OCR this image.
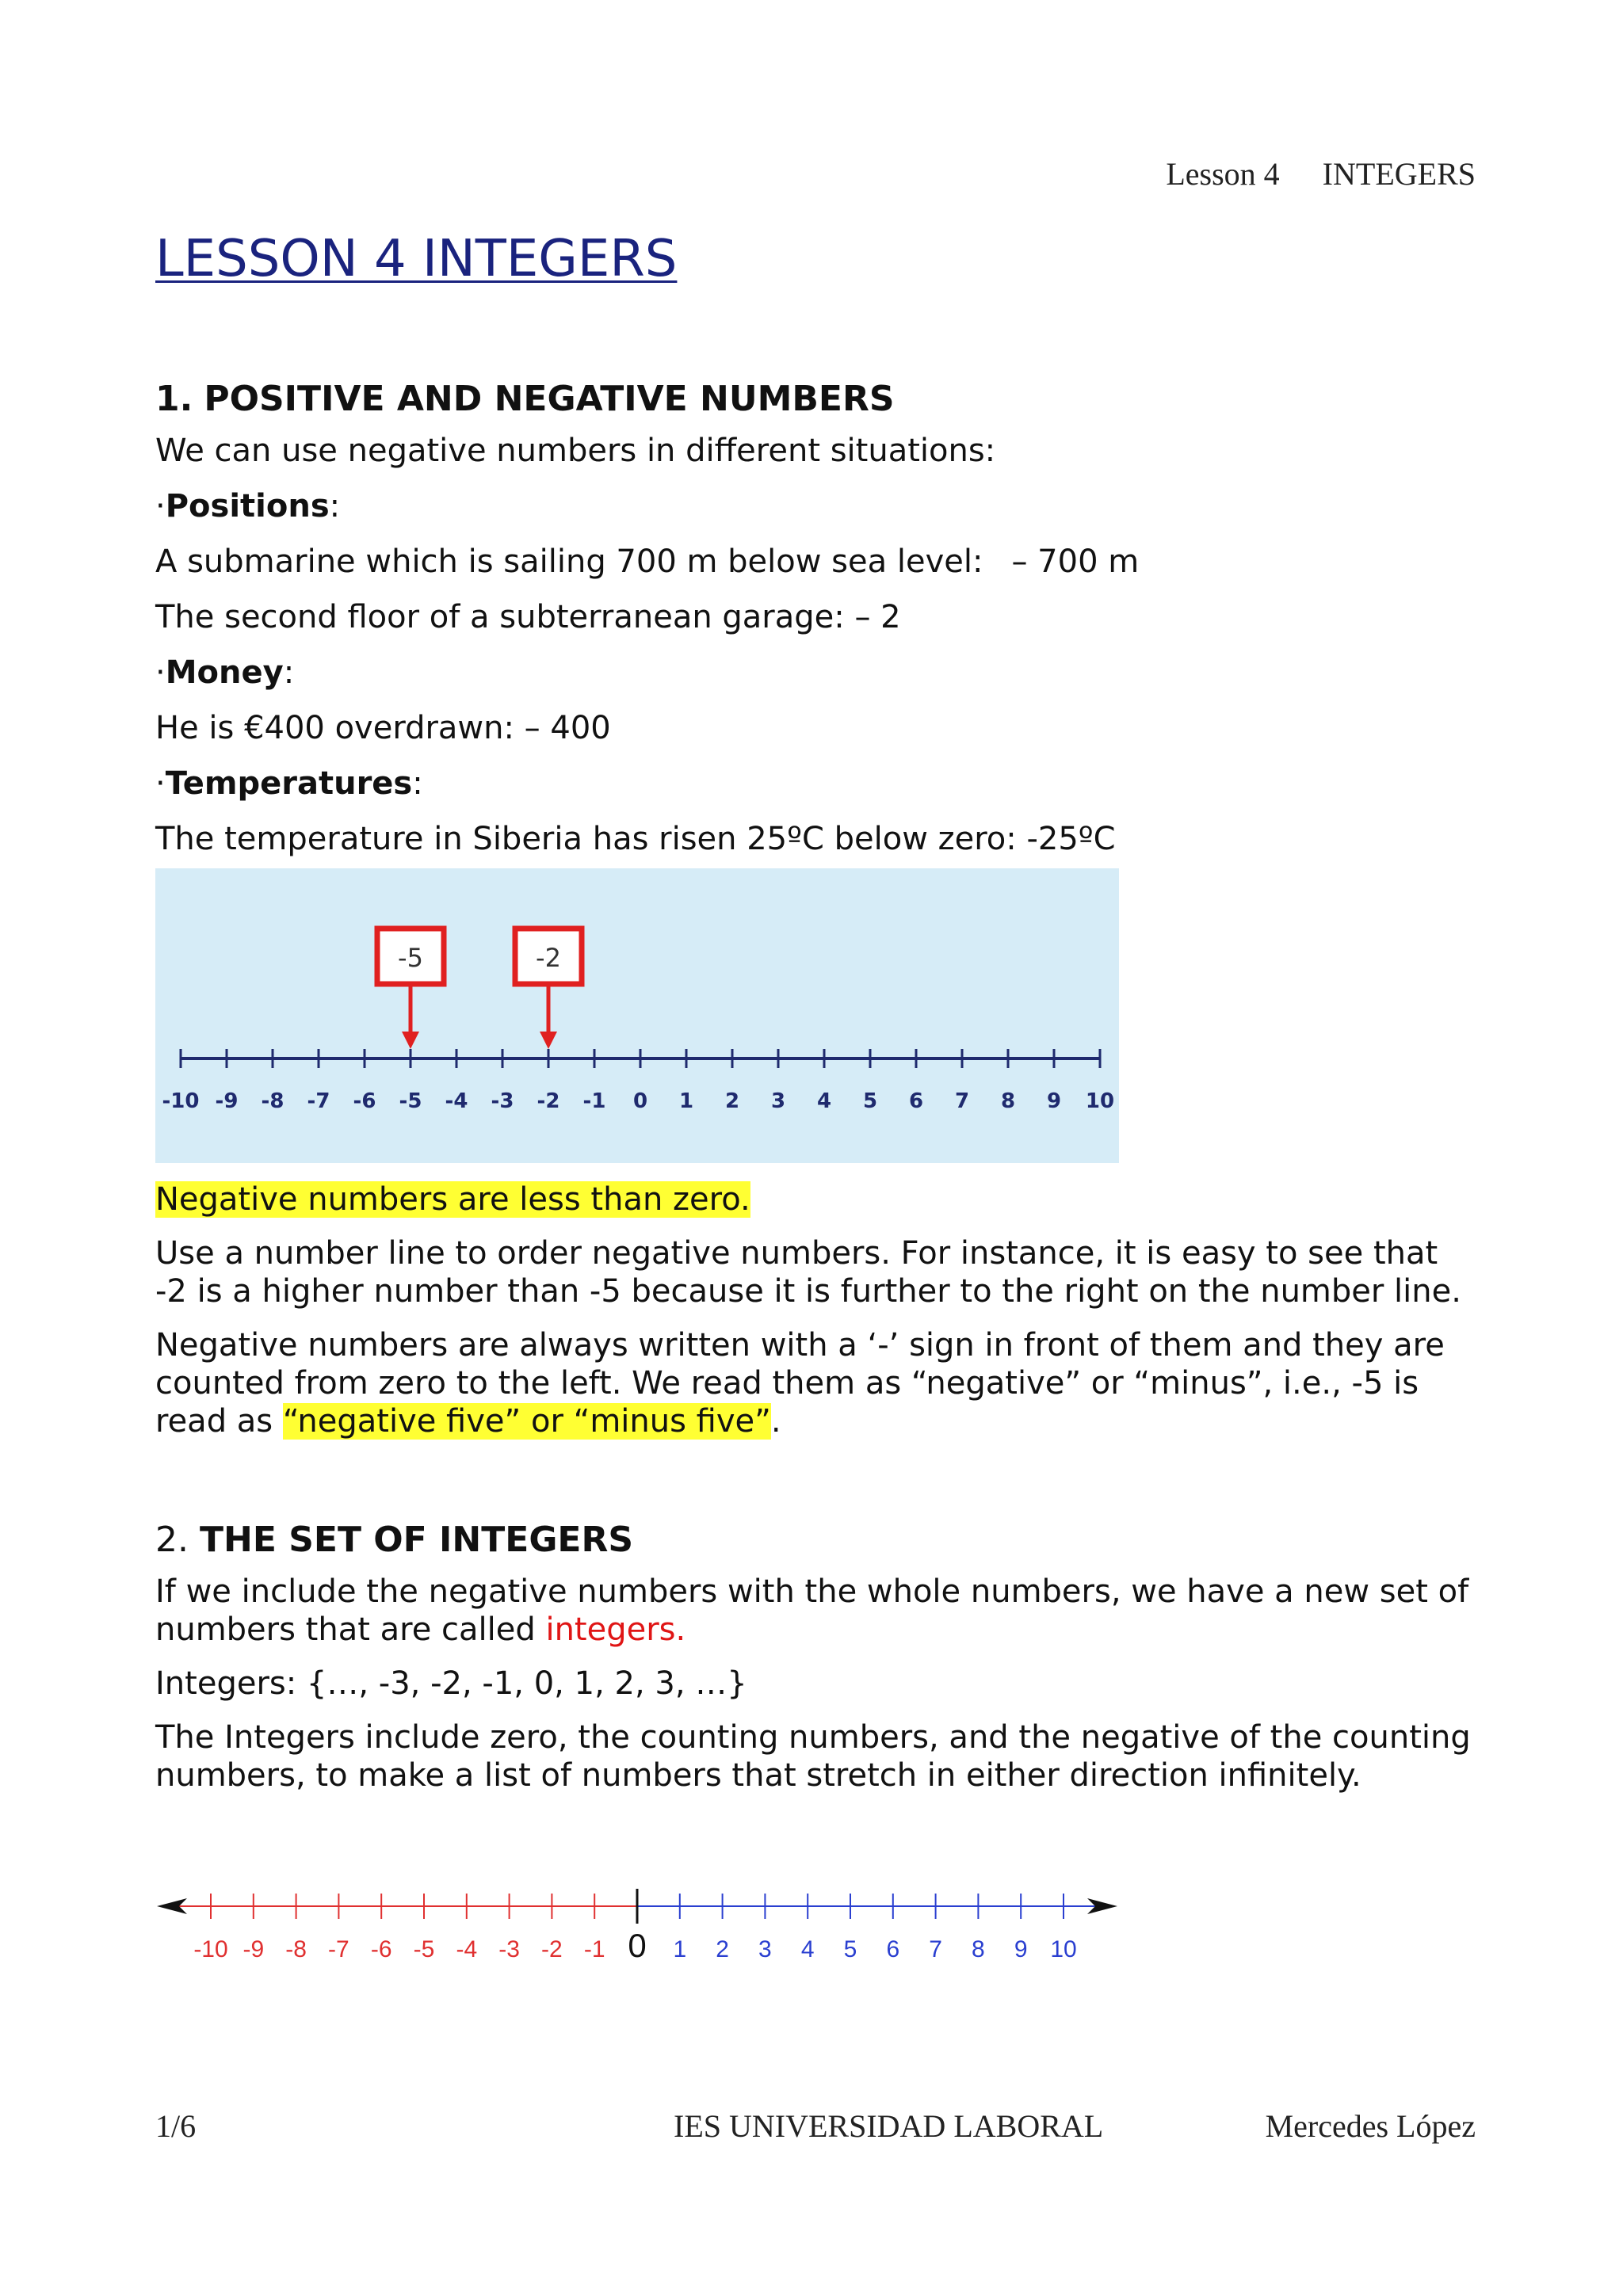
Lesson 4 INTEGERS
LESSON 4 INTEGERS
1. POSITIVE AND NEGATIVE NUMBERS

We can use negative numbers in different situations:

·Positions:

A submarine which is sailing 700 m below sea level: – 700 m

The second floor of a subterranean garage: – 2

·Money:

He is €400 overdrawn: – 400

·Temperatures:

The temperature in Siberia has risen 25ºC below zero: -25ºC

-10 -9 -8 -7 -6 -5 -4 -3 -2 -1 0 1 2 3 4 5 6 7 8 9 10
-5	-2

Negative numbers are less than zero.

Use a number line to order negative numbers. For instance, it is easy to see that -2 is a higher number than -5 because it is further to the right on the number line.

Negative numbers are always written with a ‘-’ sign in front of them and they are counted from zero to the left. We read them as “negative” or “minus”, i.e., -5 is read as “negative five” or “minus five”.

2. THE SET OF INTEGERS

If we include the negative numbers with the whole numbers, we have a new set of numbers that are called integers.

Integers: {…, -3, -2, -1, 0, 1, 2, 3, …}

The Integers include zero, the counting numbers, and the negative of the counting numbers, to make a list of numbers that stretch in either direction infinitely.

-10 -9 -8 -7 -6 -5 -4 -3 -2 -1 0 1 2 3 4 5 6 7 8 9 10
1/6	IES UNIVERSIDAD LABORAL	Mercedes López
